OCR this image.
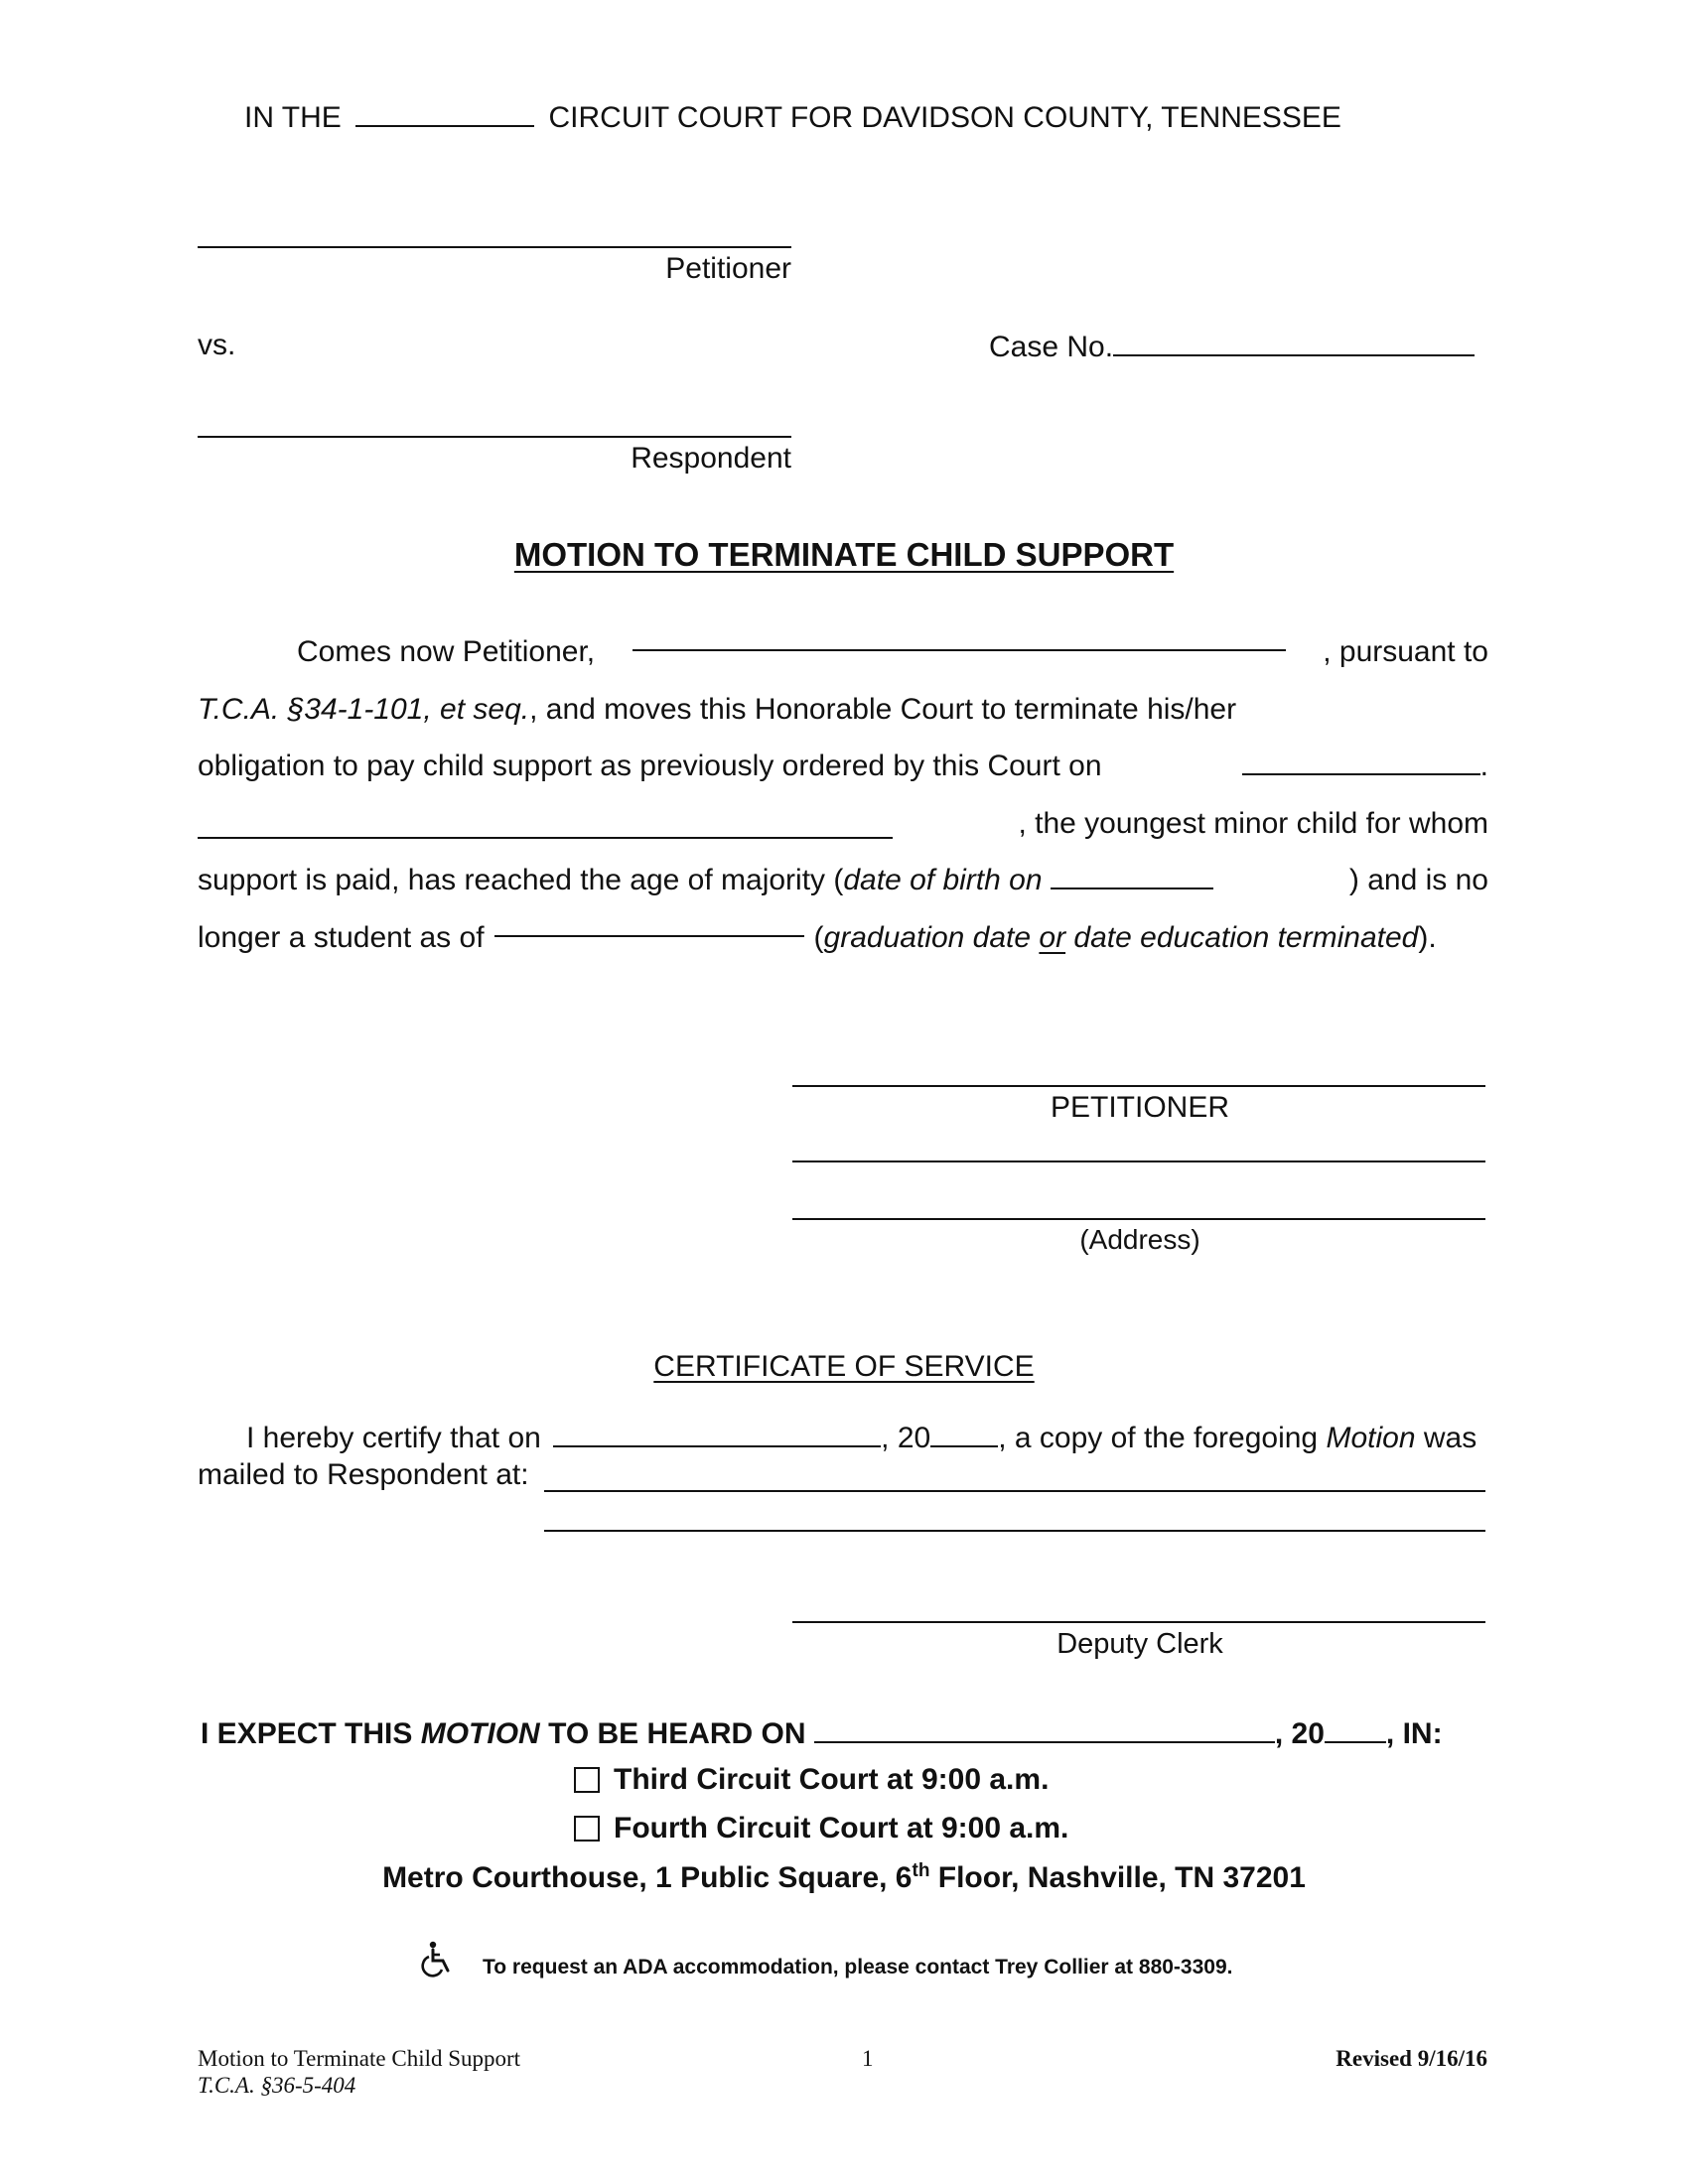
IN THE	CIRCUIT COURT FOR DAVIDSON COUNTY, TENNESSEE
Petitioner
vs.	Case No.
Respondent
MOTION TO TERMINATE CHILD SUPPORT
Comes now Petitioner,	, pursuant to
T.C.A. §34-1-101, et seq., and moves this Honorable Court to terminate his/her
obligation to pay child support as previously ordered by this Court on	.
, the youngest minor child for whom
support is paid, has reached the age of majority (date of birth on	) and is no
longer a student as of	(graduation date or date education terminated).
PETITIONER
(Address)
CERTIFICATE OF SERVICE
I hereby certify that on	, 20 , a copy of the foregoing Motion was
mailed to Respondent at:
Deputy Clerk
I EXPECT THIS MOTION TO BE HEARD ON	, 20 , IN:
Third Circuit Court at 9:00 a.m.
Fourth Circuit Court at 9:00 a.m.
Metro Courthouse, 1 Public Square, 6th Floor, Nashville, TN 37201
To request an ADA accommodation, please contact Trey Collier at 880-3309.
Motion to Terminate Child Support
T.C.A. §36-5-404
1	Revised 9/16/16
